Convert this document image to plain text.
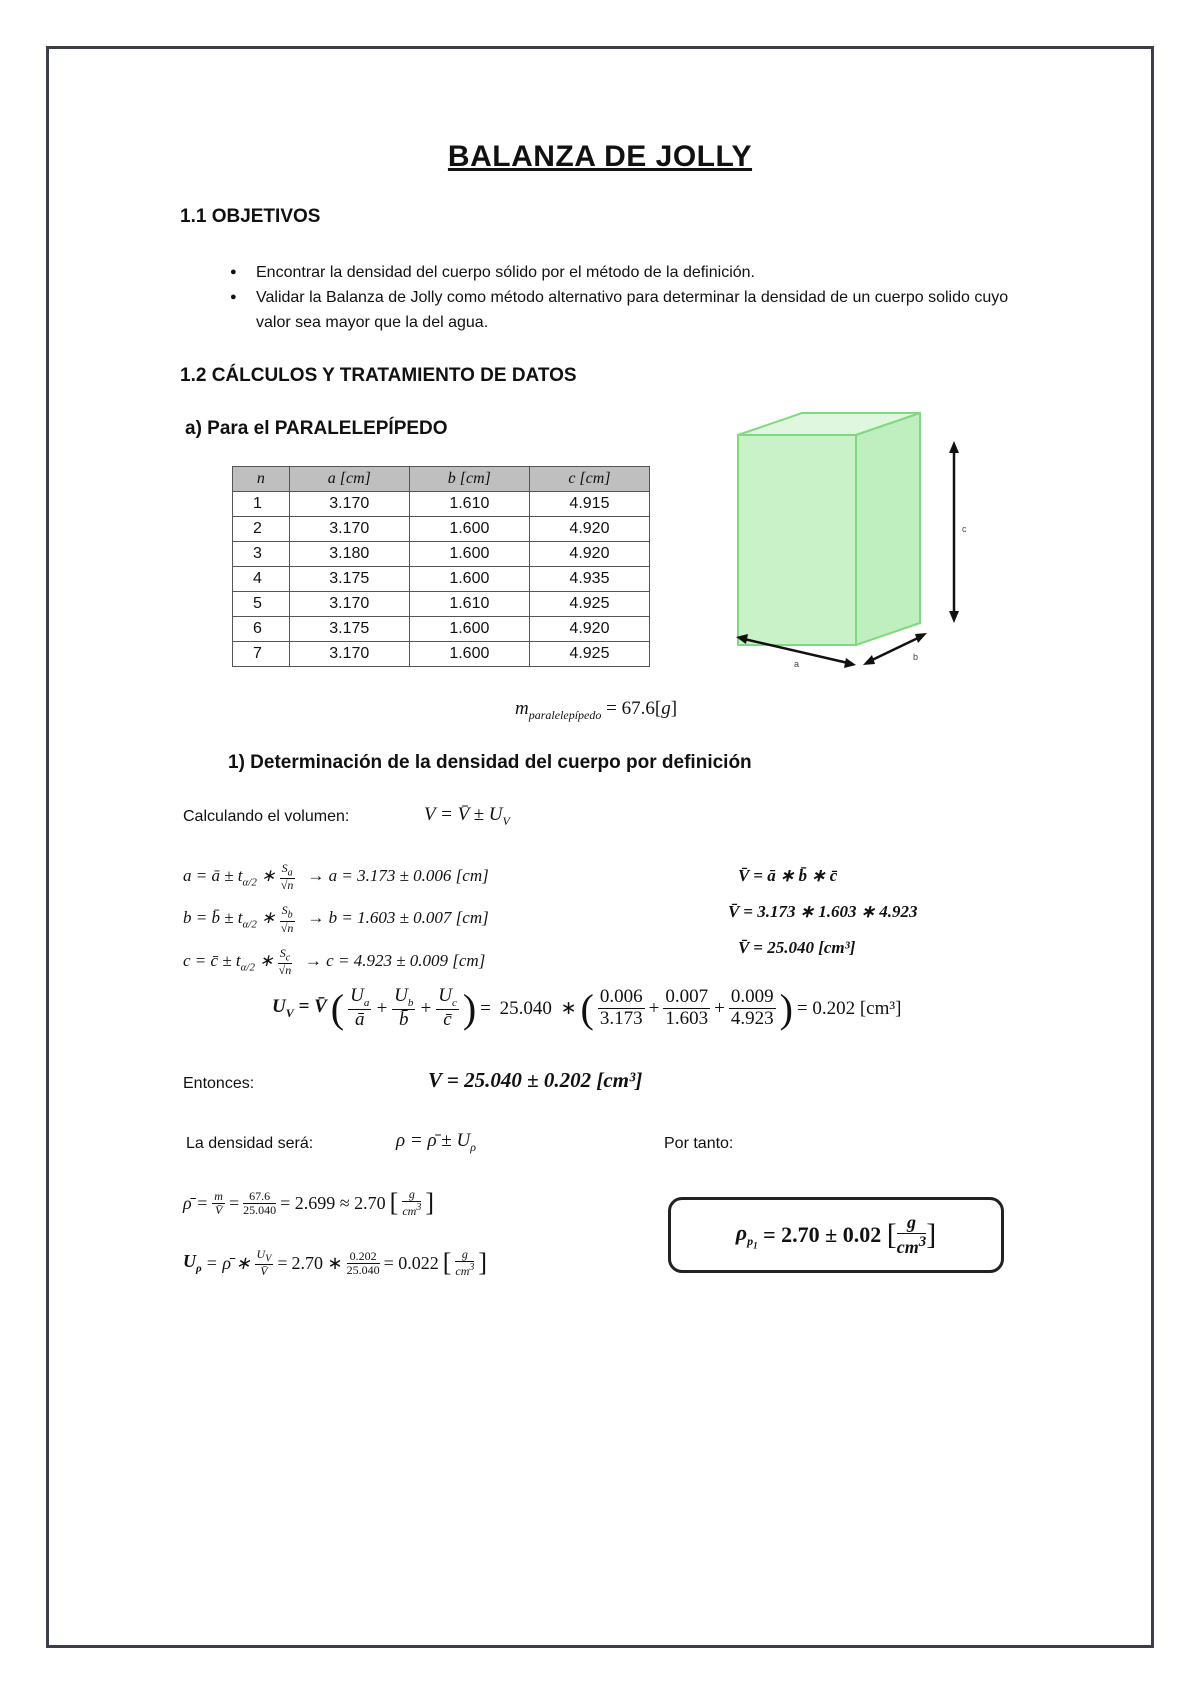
BALANZA DE JOLLY
1.1 OBJETIVOS
● Encontrar la densidad del cuerpo sólido por el método de la definición.
● Validar la Balanza de Jolly como método alternativo para determinar la densidad de un cuerpo solido cuyo valor sea mayor que la del agua.
1.2 CÁLCULOS Y TRATAMIENTO DE DATOS
a) Para el PARALELEPÍPEDO
n	a [cm]	b [cm]	c [cm]
1	3.170	1.610	4.915
2	3.170	1.600	4.920
3	3.180	1.600	4.920
4	3.175	1.600	4.935
5	3.170	1.610	4.925
6	3.175	1.600	4.920
7	3.170	1.600	4.925
c
a
b
$m_{paralelepípedo} = 67.6[g]$
1) Determinación de la densidad del cuerpo por definición
Calculando el volumen:	V = V̄ ± $U_V$
a = ā ± $t_{\alpha/2}$ ∗ $\frac{S_a}{√n} \to a = 3.173 \pm 0.006$ [cm]
b = b̄ ± $t_{\alpha/2}$ ∗ $\frac{S_b}{√n} \to b = 1.603 \pm 0.007$ [cm]
c = c̄ ± $t_{\alpha/2}$ ∗ $\frac{S_c}{√n} \to c = 4.923 \pm 0.009$ [cm]
V̄ = ā ∗ b̄ ∗ c̄
V̄ = 3.173 ∗ 1.603 ∗ 4.923
V̄ = 25.040 [cm³]
$U_V$ = V̄ ( $\frac{U_a}{ā} + \frac{U_b}{b̄} + \frac{U_c}{c̄}$ ) = 25.040 ∗ ( $\frac{0.006}{3.173} + \frac{0.007}{1.603} + \frac{0.009}{4.923}$ ) = 0.202 [cm³]
Entonces:	V = 25.040 ± 0.202 [cm³]
La densidad será:	ρ = ρ̄ ± $U_\rho$	Por tanto:
ρ̄ = $\frac{m}{V̄} = \frac{67.6}{25.040} = 2.699 \approx 2.70$ [ $\frac{g}{cm^3}$ ]
$U_\rho$ = ρ̄ ∗ $\frac{U_V}{V̄} = 2.70$ ∗ $\frac{0.202}{25.040} = 0.022$ [ $\frac{g}{cm^3}$ ]
$\rho_{p_1}$
= 2.70 ± 0.02
[ $\frac{g}{cm^3}$ ]
